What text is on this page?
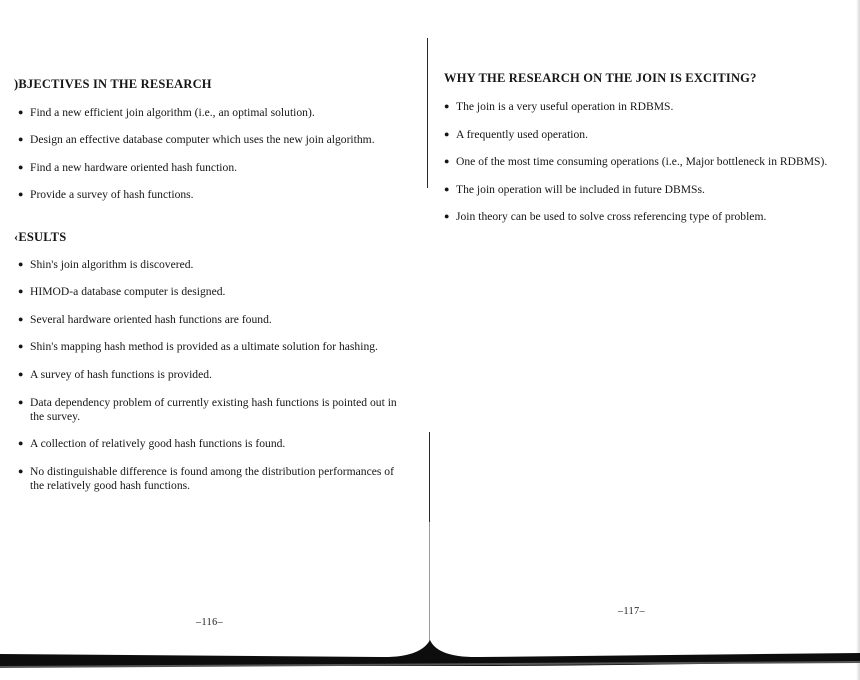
)BJECTIVES IN THE RESEARCH

● Find a new efficient join algorithm (i.e., an optimal solution).

● Design an effective database computer which uses the new join algorithm.

● Find a new hardware oriented hash function.

● Provide a survey of hash functions.

‹ESULTS

● Shin's join algorithm is discovered.

● HIMOD-a database computer is designed.

● Several hardware oriented hash functions are found.

● Shin's mapping hash method is provided as a ultimate solution for hashing.

● A survey of hash functions is provided.

● Data dependency problem of currently existing hash functions is pointed out in the survey.

● A collection of relatively good hash functions is found.

● No distinguishable difference is found among the distribution performances of the relatively good hash functions.

–116–
WHY THE RESEARCH ON THE JOIN IS EXCITING?

● The join is a very useful operation in RDBMS.

● A frequently used operation.

● One of the most time consuming operations (i.e., Major bottleneck in RDBMS).

● The join operation will be included in future DBMSs.

● Join theory can be used to solve cross referencing type of problem.

–117–
